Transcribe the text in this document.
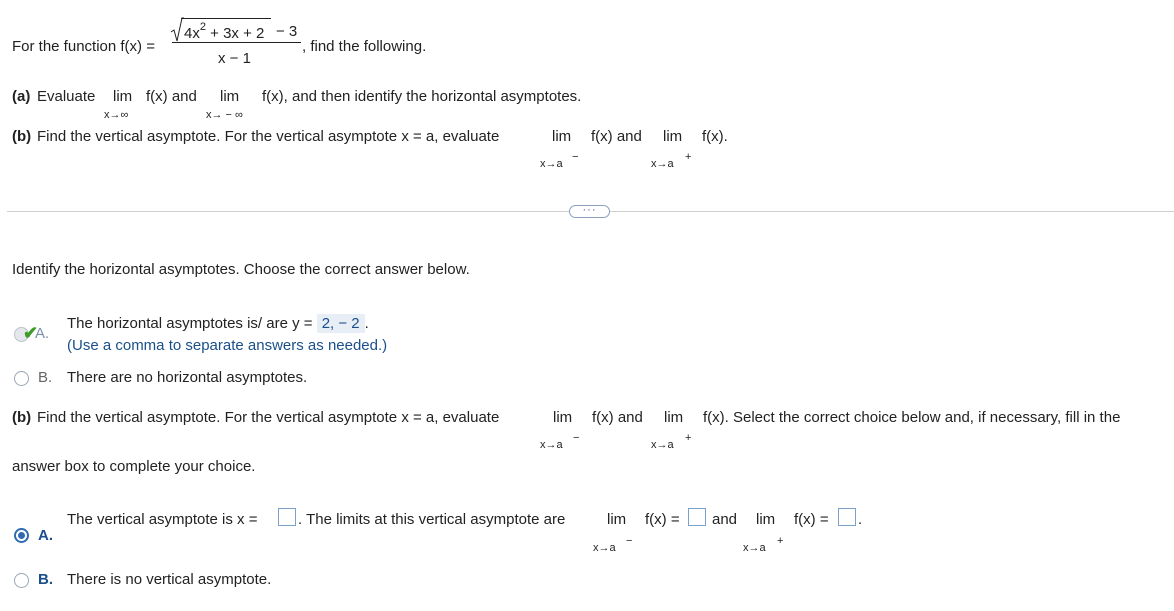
For the function f(x) =
$4x^2 + 3x + 2 - 3$
x − 1
, find the following.
(a) Evaluate lim f(x) and lim f(x), and then identify the horizontal asymptotes.
x→∞	x→ − ∞
(b) Find the vertical asymptote. For the vertical asymptote x = a, evaluate	lim f(x) and lim f(x).
x→a
−
x→a
+
···
Identify the horizontal asymptotes. Choose the correct answer below.
✔
A.
The horizontal asymptotes is/ are y = 2, − 2 .
(Use a comma to separate answers as needed.)
B. There are no horizontal asymptotes.
(b) Find the vertical asymptote. For the vertical asymptote x = a, evaluate	lim f(x) and lim f(x). Select the correct choice below and, if necessary, fill in the
x→a
−
x→a
+
answer box to complete your choice.
A.
The vertical asymptote is x =	. The limits at this vertical asymptote are	lim f(x) = and lim f(x) = .
x→a
−
x→a
+
B. There is no vertical asymptote.
